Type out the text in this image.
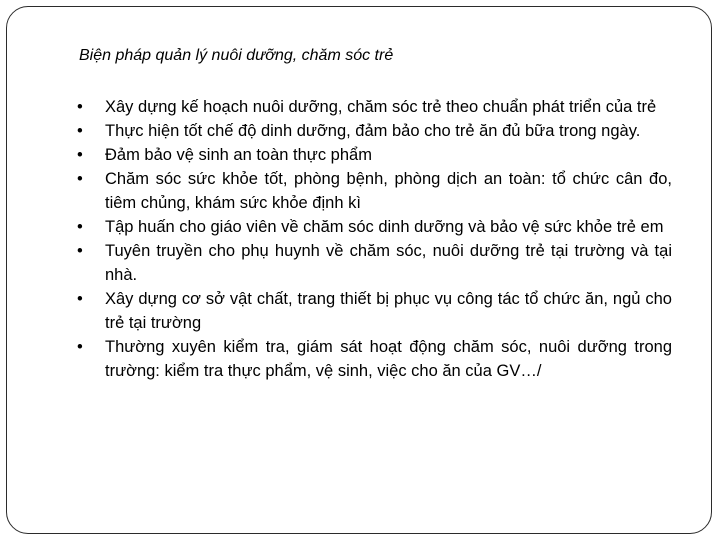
Biện pháp quản lý nuôi dưỡng, chăm sóc trẻ
•	Xây dựng kế hoạch nuôi dưỡng, chăm sóc trẻ theo chuẩn phát triển của trẻ
•	Thực hiện tốt chế độ dinh dưỡng, đảm bảo cho trẻ ăn đủ bữa trong ngày.
•	Đảm bảo vệ sinh an toàn thực phẩm
•	Chăm sóc sức khỏe tốt, phòng bệnh, phòng dịch an toàn: tổ chức cân đo, tiêm chủng, khám sức khỏe định kì
•	Tập huấn cho giáo viên về chăm sóc dinh dưỡng và bảo vệ sức khỏe trẻ em
•	Tuyên truyền cho phụ huynh về chăm sóc, nuôi dưỡng trẻ tại trường và tại nhà.
•	Xây dựng cơ sở vật chất, trang thiết bị phục vụ công tác tổ chức ăn, ngủ cho trẻ tại trường
•	Thường xuyên kiểm tra, giám sát hoạt động chăm sóc, nuôi dưỡng trong trường: kiểm tra thực phẩm, vệ sinh, việc cho ăn của GV…/
